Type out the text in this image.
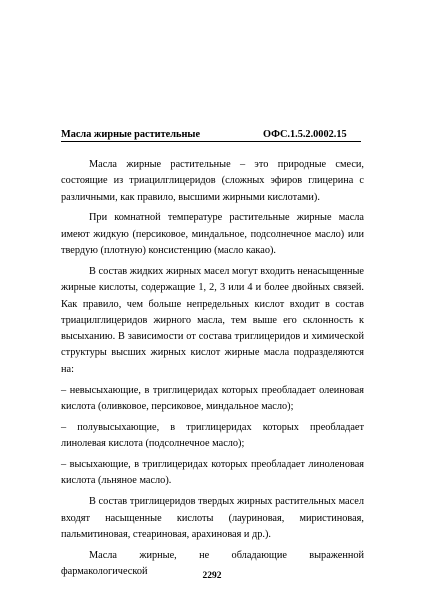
Масла жирные растительные	ОФС.1.5.2.0002.15

Масла жирные растительные – это природные смеси, состоящие из триацилглицеридов (сложных эфиров глицерина с различными, как правило, высшими жирными кислотами).

При комнатной температуре растительные жирные масла имеют жидкую (персиковое, миндальное, подсолнечное масло) или твердую (плотную) консистенцию (масло какао).

В состав жидких жирных масел могут входить ненасыщенные жирные кислоты, содержащие 1, 2, 3 или 4 и более двойных связей. Как правило, чем больше непредельных кислот входит в состав триацилглицеридов жирного масла, тем выше его склонность к высыханию. В зависимости от состава триглицеридов и химической структуры высших жирных кислот жирные масла подразделяются на:

– невысыхающие, в триглицеридах которых преобладает олеиновая кислота (оливковое, персиковое, миндальное масло);

– полувысыхающие, в триглицеридах которых преобладает линолевая кислота (подсолнечное масло);

– высыхающие, в триглицеридах которых преобладает линоленовая кислота (льняное масло).

В состав триглицеридов твердых жирных растительных масел входят насыщенные кислоты (лауриновая, миристиновая, пальмитиновая, стеариновая, арахиновая и др.).

Масла жирные, не обладающие выраженной фармакологической	2292
